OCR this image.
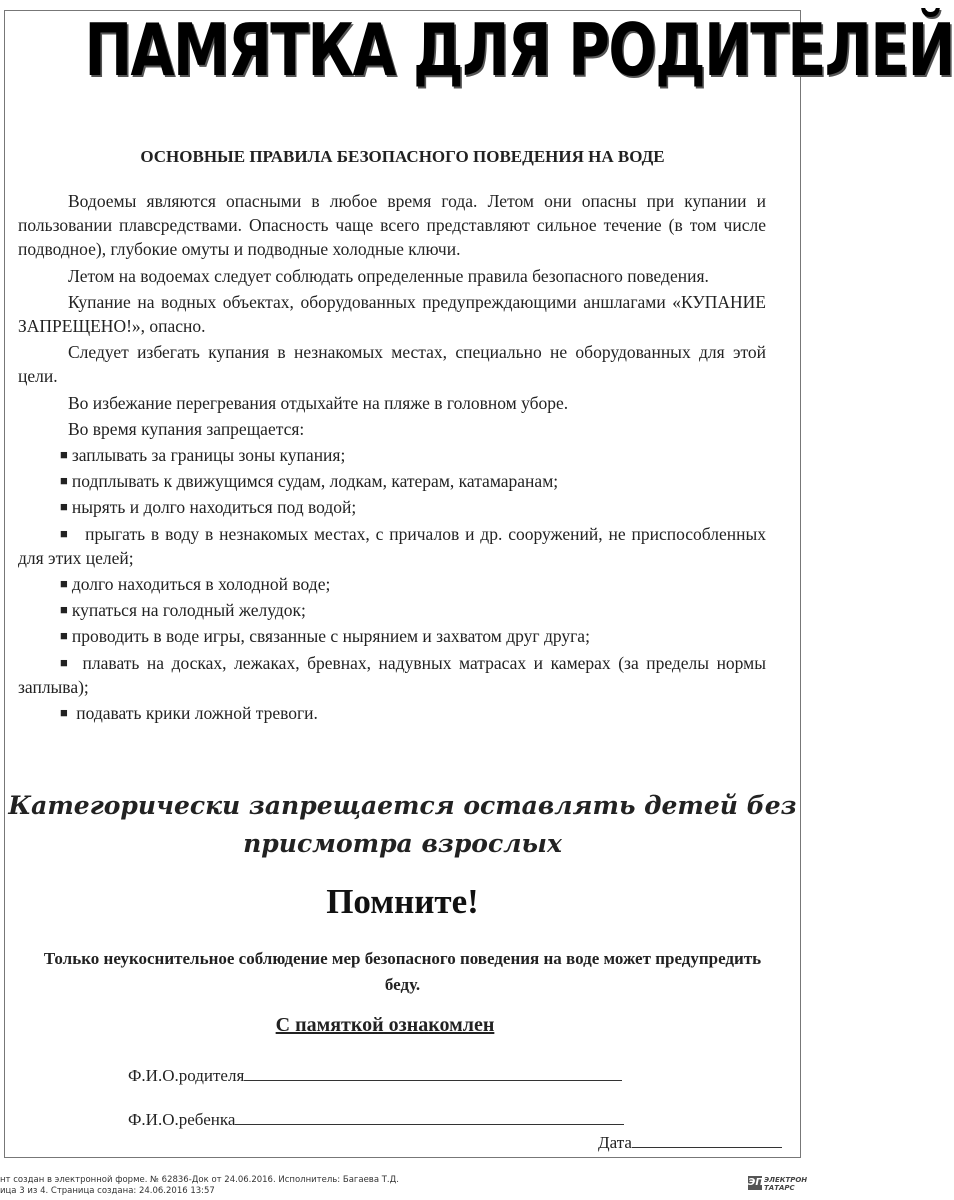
ПАМЯТКА ДЛЯ РОДИТЕЛЕЙ
ОСНОВНЫЕ ПРАВИЛА БЕЗОПАСНОГО ПОВЕДЕНИЯ НА ВОДЕ

Водоемы являются опасными в любое время года. Летом они опасны при купании и пользовании плавсредствами. Опасность чаще всего представляют сильное течение (в том числе подводное), глубокие омуты и подводные холодные ключи.

Летом на водоемах следует соблюдать определенные правила безопасного поведения.

Купание на водных объектах, оборудованных предупреждающими аншлагами «КУПАНИЕ ЗАПРЕЩЕНО!», опасно.

Следует избегать купания в незнакомых местах, специально не оборудованных для этой цели.

Во избежание перегревания отдыхайте на пляже в головном уборе.

Во время купания запрещается:

■ заплывать за границы зоны купания;

■ подплывать к движущимся судам, лодкам, катерам, катамаранам;

■ нырять и долго находиться под водой;

■ прыгать в воду в незнакомых местах, с причалов и др. сооружений, не приспособленных для этих целей;

■ долго находиться в холодной воде;

■ купаться на голодный желудок;

■ проводить в воде игры, связанные с нырянием и захватом друг друга;

■ плавать на досках, лежаках, бревнах, надувных матрасах и камерах (за пределы нормы заплыва);

■ подавать крики ложной тревоги.

Категорически запрещается оставлять детей без
присмотра взрослых
Помните!
Только неукоснительное соблюдение мер безопасного поведения на воде может предупредить беду.
С памяткой ознакомлен
Ф.И.О.родителя
Ф.И.О.ребенка
Дата
нт создан в электронной форме. № 62836-Док от 24.06.2016. Исполнитель: Багаева Т.Д.
ица 3 из 4. Страница создана: 24.06.2016 13:57
ЭПЭЛЕКТРОН
ТАТАРС
